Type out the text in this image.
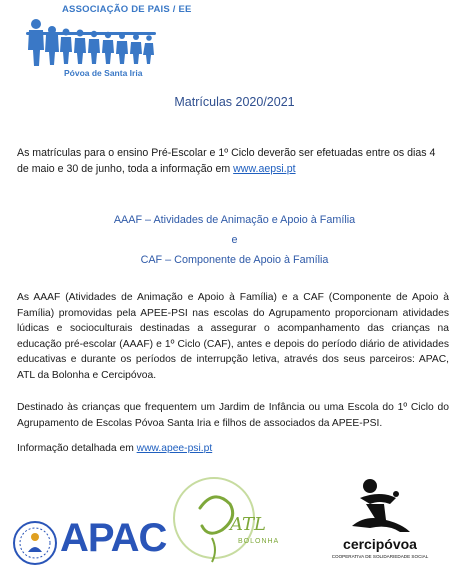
ASSOCIAÇÃO DE PAIS / EE
Póvoa de Santa Iria
Matrículas 2020/2021
As matrículas para o ensino Pré-Escolar e 1º Ciclo deverão ser efetuadas entre os dias 4 de maio e 30 de junho, toda a informação em www.aepsi.pt
AAAF – Atividades de Animação e Apoio à Família
e
CAF – Componente de Apoio à Família
As AAAF (Atividades de Animação e Apoio à Família) e a CAF (Componente de Apoio à Família) promovidas pela APEE-PSI nas escolas do Agrupamento proporcionam atividades lúdicas e socioculturais destinadas a assegurar o acompanhamento das crianças na educação pré-escolar (AAAF) e 1º Ciclo (CAF), antes e depois do período diário de atividades educativas e durante os períodos de interrupção letiva, através dos seus parceiros: APAC, ATL da Bolonha e Cercipóvoa.
Destinado às crianças que frequentem um Jardim de Infância ou uma Escola do 1º Ciclo do Agrupamento de Escolas Póvoa Santa Iria e filhos de associados da APEE-PSI.
Informação detalhada em www.apee-psi.pt
APAC	ATL
BOLONHA	cercipóvoa
COOPERATIVA DE SOLIDARIEDADE SOCIAL
